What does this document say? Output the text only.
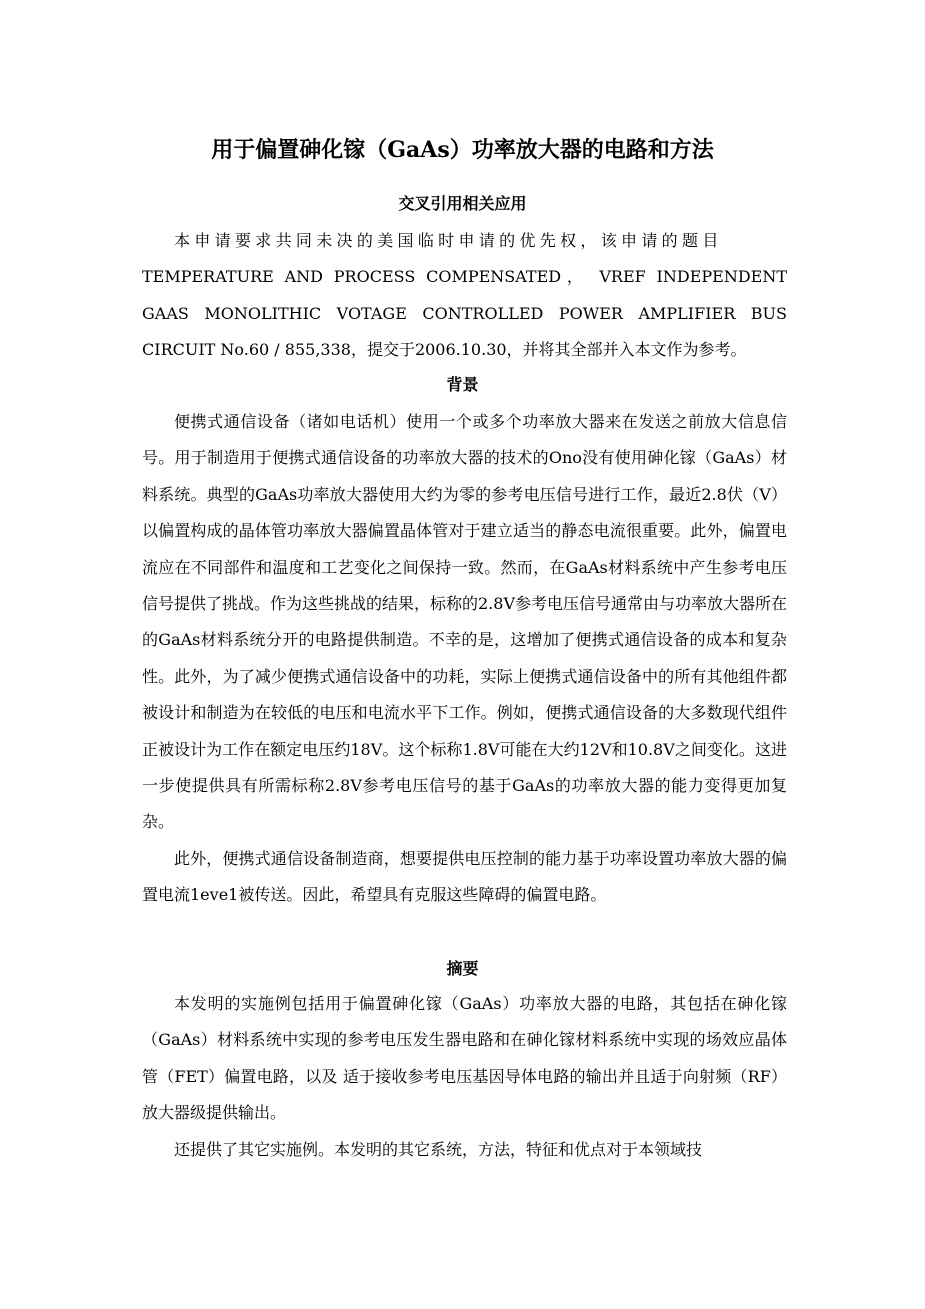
用于偏置砷化镓（GaAs）功率放大器的电路和方法
交叉引用相关应用

本申请要求共同未决的美国临时申请的优先权，该申请的题目

TEMPERATURE AND PROCESS COMPENSATED， VREF INDEPENDENT GAAS MONOLITHIC VOTAGE CONTROLLED POWER AMPLIFIER BUS CIRCUIT No.60 / 855,338，提交于2006.10.30，并将其全部并入本文作为参考。

背景

便携式通信设备（诸如电话机）使用一个或多个功率放大器来在发送之前放大信息信号。用于制造用于便携式通信设备的功率放大器的技术的Ono没有使用砷化镓（GaAs）材料系统。典型的GaAs功率放大器使用大约为零的参考电压信号进行工作，最近2.8伏（V）以偏置构成的晶体管功率放大器偏置晶体管对于建立适当的静态电流很重要。此外，偏置电流应在不同部件和温度和工艺变化之间保持一致。然而，在GaAs材料系统中产生参考电压信号提供了挑战。作为这些挑战的结果，标称的2.8V参考电压信号通常由与功率放大器所在的GaAs材料系统分开的电路提供制造。不幸的是，这增加了便携式通信设备的成本和复杂性。此外，为了减少便携式通信设备中的功耗，实际上便携式通信设备中的所有其他组件都被设计和制造为在较低的电压和电流水平下工作。例如，便携式通信设备的大多数现代组件正被设计为工作在额定电压约18V。这个标称1.8V可能在大约12V和10.8V之间变化。这进一步使提供具有所需标称2.8V参考电压信号的基于GaAs的功率放大器的能力变得更加复杂。

此外，便携式通信设备制造商，想要提供电压控制的能力基于功率设置功率放大器的偏置电流1eve1被传送。因此，希望具有克服这些障碍的偏置电路。

摘要

本发明的实施例包括用于偏置砷化镓（GaAs）功率放大器的电路，其包括在砷化镓（GaAs）材料系统中实现的参考电压发生器电路和在砷化镓材料系统中实现的场效应晶体管（FET）偏置电路，以及 适于接收参考电压基因导体电路的输出并且适于向射频（RF）放大器级提供输出。

还提供了其它实施例。本发明的其它系统，方法，特征和优点对于本领域技
